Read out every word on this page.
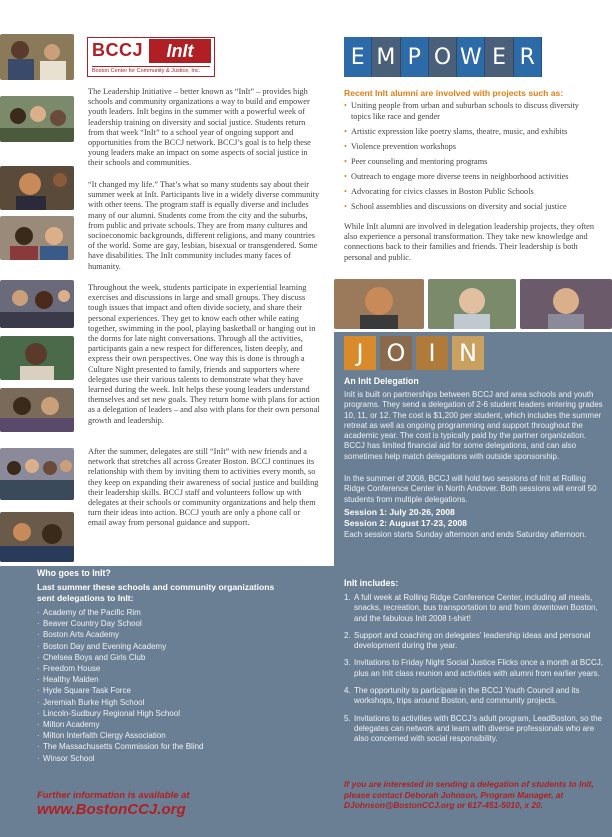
BCCJ	InIt
Boston Center for Community & Justice, Inc.

The Leadership Initiative – better known as “InIt” – provides high schools and community organizations a way to build and empower youth leaders. InIt begins in the summer with a powerful week of leadership training on diversity and social justice. Students return from that week “InIt” to a school year of ongoing support and opportunities from the BCCJ network. BCCJ’s goal is to help these young leaders make an impact on some aspects of social justice in their schools and communities.

“It changed my life.” That’s what so many students say about their summer week at InIt. Participants live in a widely diverse community with other teens. The program staff is equally diverse and includes many of our alumni. Students come from the city and the suburbs, from public and private schools. They are from many cultures and socioeconomic backgrounds, different religions, and many countries of the world. Some are gay, lesbian, bisexual or transgendered. Some have disabilities. The InIt community includes many faces of humanity.

Throughout the week, students participate in experiential learning exercises and discussions in large and small groups. They discuss tough issues that impact and often divide society, and share their personal experiences. They get to know each other while eating together, swimming in the pool, playing basketball or hanging out in the dorms for late night conversations. Through all the activities, participants gain a new respect for differences, listen deeply, and express their own perspectives. One way this is done is through a Culture Night presented to family, friends and supporters where delegates use their various talents to demonstrate what they have learned during the week. InIt helps these young leaders understand themselves and set new goals. They return home with plans for action as a delegation of leaders – and also with plans for their own personal growth and leadership.

After the summer, delegates are still “InIt” with new friends and a network that stretches all across Greater Boston. BCCJ continues its relationship with them by inviting them to activities every month, so they keep on expanding their awareness of social justice and building their leadership skills. BCCJ staff and volunteers follow up with delegates at their schools or community organizations and help them turn their ideas into action. BCCJ youth are only a phone call or email away from personal guidance and support.

E M P O W E R
Recent InIt alumni are involved with projects such as:
• Uniting people from urban and suburban schools to discuss diversity topics like race and gender
• Artistic expression like poetry slams, theatre, music, and exhibits
• Violence prevention workshops
• Peer counseling and mentoring programs
• Outreach to engage more diverse teens in neighborhood activities
• Advocating for civics classes in Boston Public Schools
• School assemblies and discussions on diversity and social justice
While InIt alumni are involved in delegation leadership projects, they often also experience a personal transformation. They take new knowledge and connections back to their families and friends. Their leadership is both personal and public.
J O I N
An InIt Delegation
InIt is built on partnerships between BCCJ and area schools and youth programs. They send a delegation of 2-6 student leaders entering grades 10, 11, or 12. The cost is $1,200 per student, which includes the summer retreat as well as ongoing programming and support throughout the academic year. The cost is typically paid by the partner organization. BCCJ has limited financial aid for some delegations, and can also sometimes help match delegations with outside sponsorship.
In the summer of 2008, BCCJ will hold two sessions of InIt at Rolling Ridge Conference Center in North Andover. Both sessions will enroll 50 students from multiple delegations.
Session 1: July 20-26, 2008
Session 2: August 17-23, 2008
Each session starts Sunday afternoon and ends Saturday afternoon.
Who goes to InIt?
Last summer these schools and community organizations sent delegations to InIt:
· Academy of the Pacific Rim
· Beaver Country Day School
· Boston Arts Academy
· Boston Day and Evening Academy
· Chelsea Boys and Girls Club
· Freedom House
· Healthy Malden
· Hyde Square Task Force
· Jeremiah Burke High School
· Lincoln-Sudbury Regional High School
· Milton Academy
· Milton Interfaith Clergy Association
· The Massachusetts Commission for the Blind
· Winsor School
Further information is available at
www.BostonCCJ.org
InIt includes:
1. A full week at Rolling Ridge Conference Center, including all meals, snacks, recreation, bus transportation to and from downtown Boston, and the fabulous InIt 2008 t-shirt!
2. Support and coaching on delegates’ leadership ideas and personal development during the year.
3. Invitations to Friday Night Social Justice Flicks once a month at BCCJ, plus an InIt class reunion and activities with alumni from earlier years.
4. The opportunity to participate in the BCCJ Youth Council and its workshops, trips around Boston, and community projects.
5. Invitations to activities with BCCJ’s adult program, LeadBoston, so the delegates can network and learn with diverse professionals who are also concerned with social responsibility.
If you are interested in sending a delegation of students to InIt, please contact Deborah Johnson, Program Manager, at DJohnson@BostonCCJ.org or 617-451-5010, x 20.
